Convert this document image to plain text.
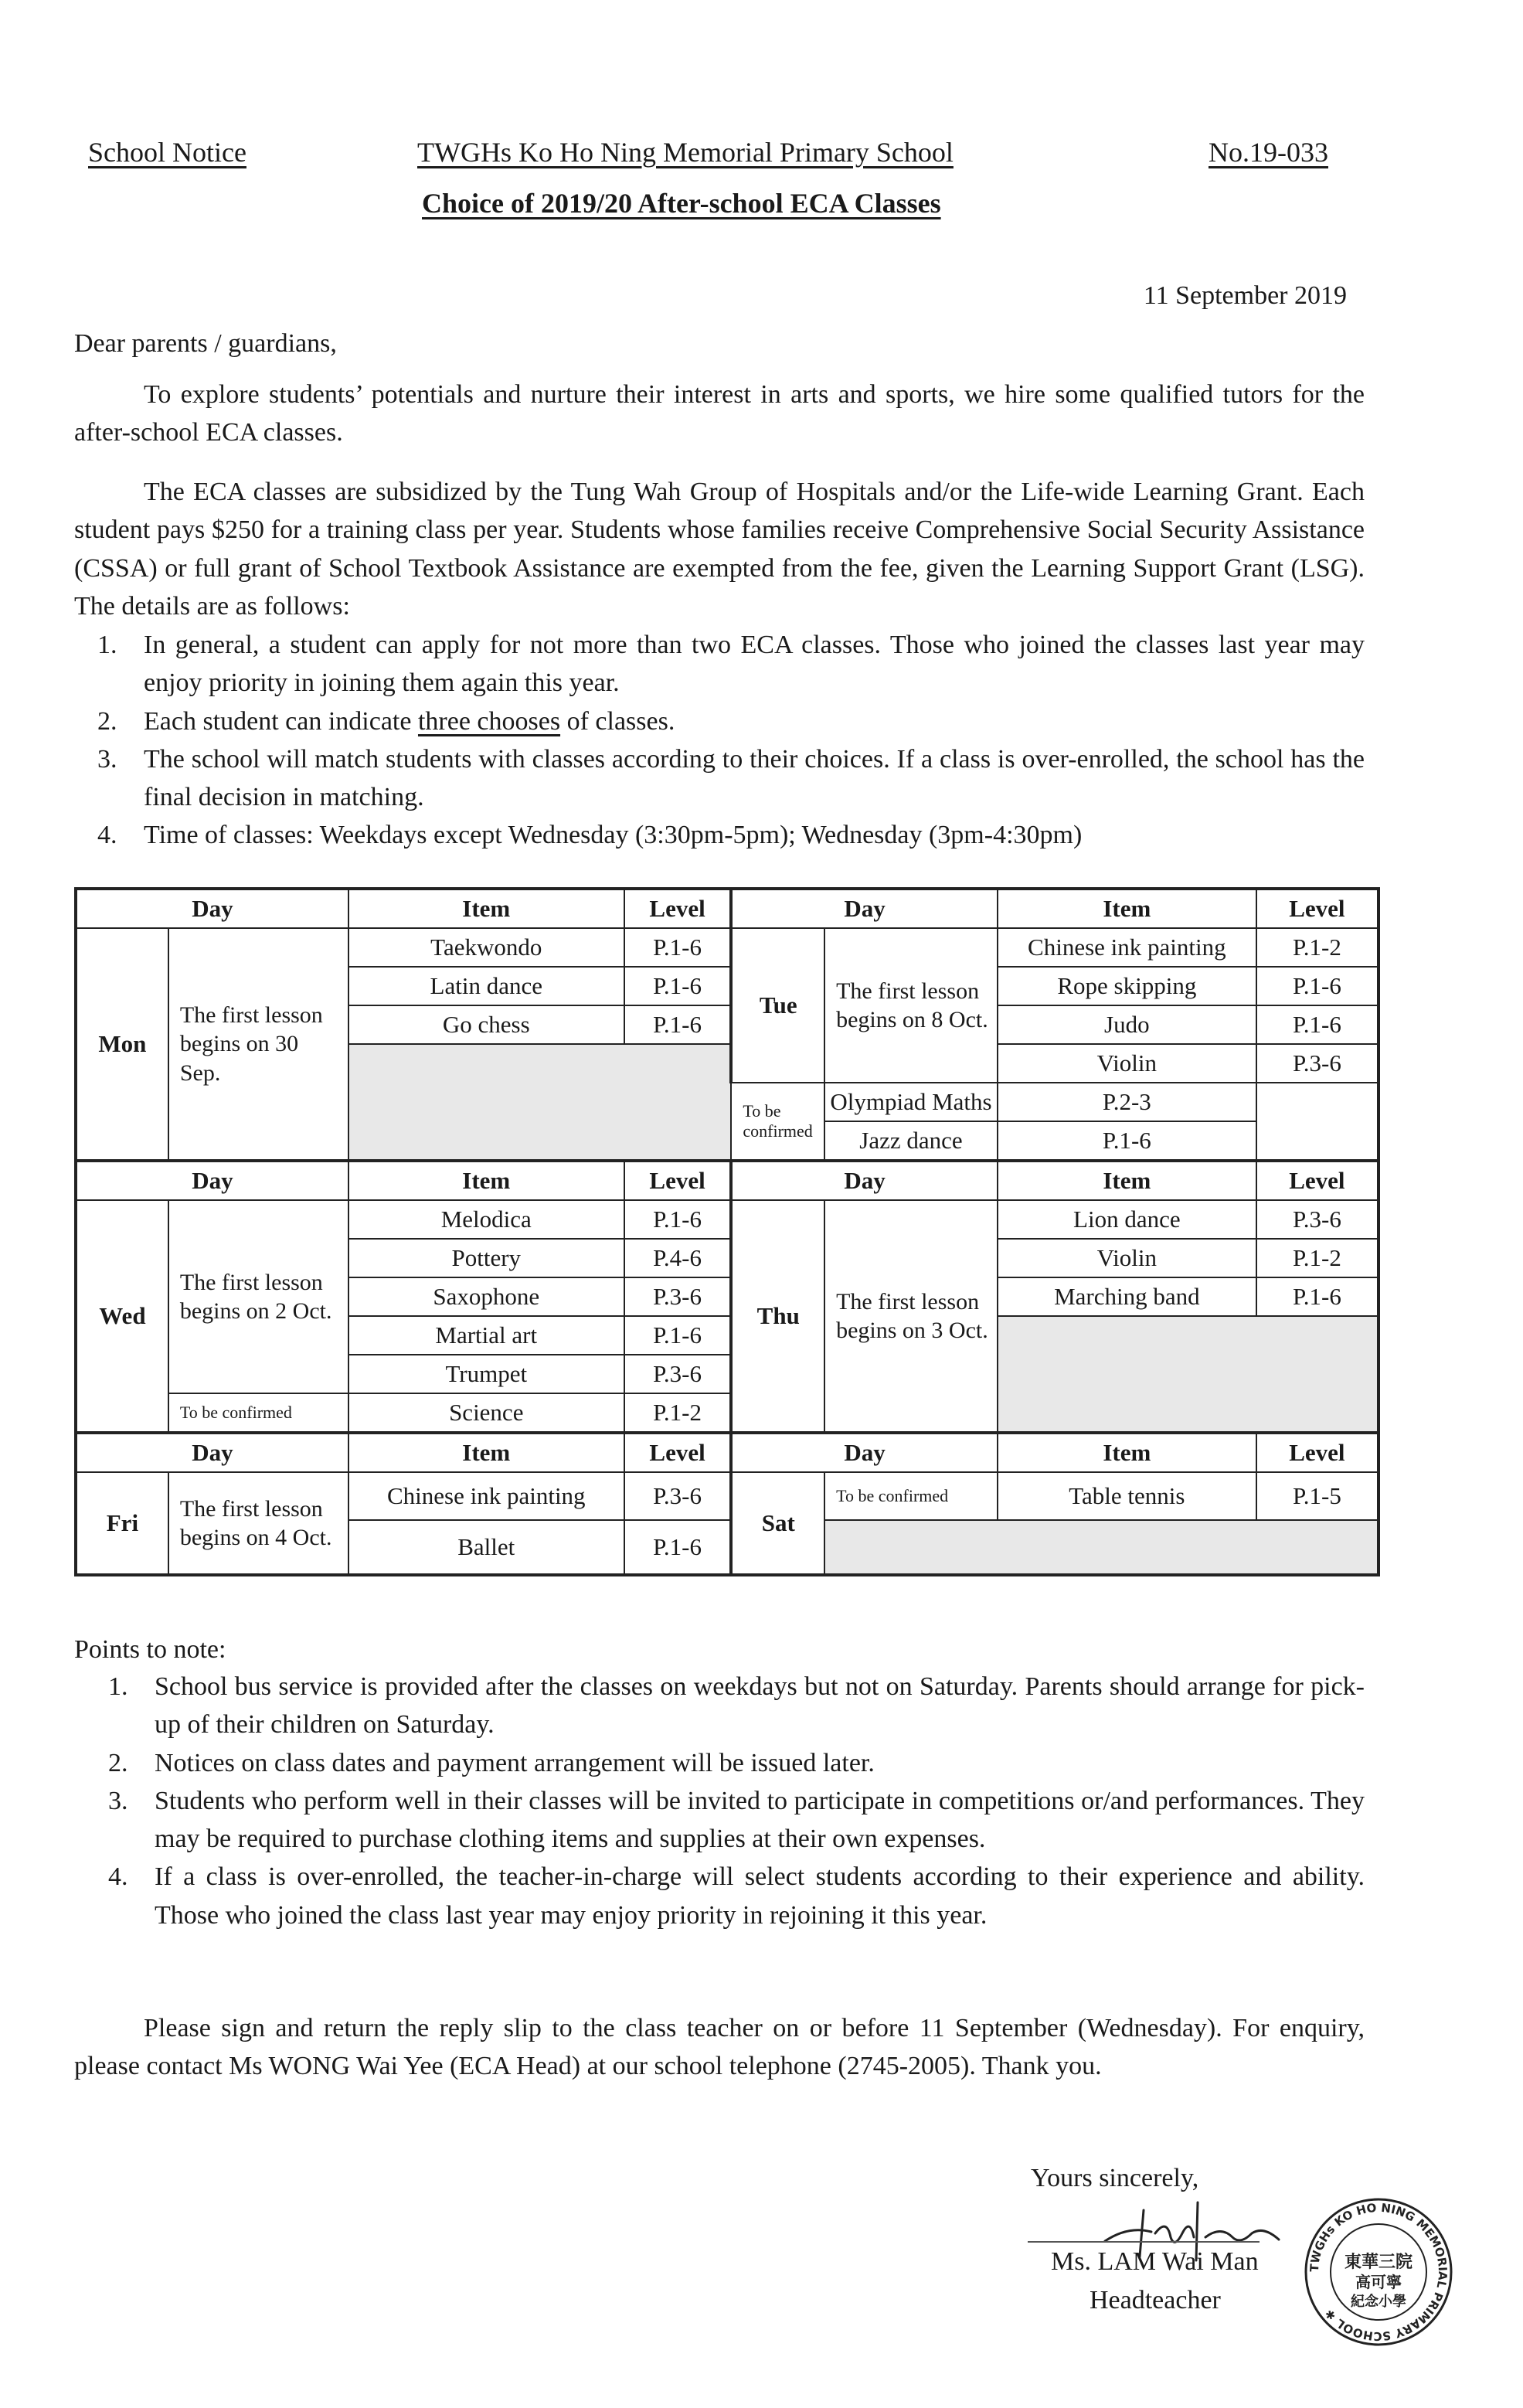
School Notice	TWGHs Ko Ho Ning Memorial Primary School	No.19-033
Choice of 2019/20 After-school ECA Classes
11 September 2019
Dear parents / guardians,
To explore students’ potentials and nurture their interest in arts and sports, we hire some qualified tutors for the after-school ECA classes.
The ECA classes are subsidized by the Tung Wah Group of Hospitals and/or the Life-wide Learning Grant. Each student pays $250 for a training class per year. Students whose families receive Comprehensive Social Security Assistance (CSSA) or full grant of School Textbook Assistance are exempted from the fee, given the Learning Support Grant (LSG). The details are as follows:
1. In general, a student can apply for not more than two ECA classes. Those who joined the classes last year may enjoy priority in joining them again this year.
2. Each student can indicate three chooses of classes.
3. The school will match students with classes according to their choices. If a class is over-enrolled, the school has the final decision in matching.
4. Time of classes: Weekdays except Wednesday (3:30pm-5pm); Wednesday (3pm-4:30pm)
Day		Item	Level	Day		Item	Level
Mon	The first lesson begins on 30 Sep.	Taekwondo	P.1-6	Tue	The first lesson begins on 8 Oct.	Chinese ink painting	P.1-2
		Latin dance	P.1-6			Rope skipping	P.1-6
		Go chess	P.1-6			Judo	P.1-6
						Violin	P.3-6
				To be confirmed	Olympiad Maths	P.2-3	
					Jazz dance	P.1-6	
Day		Item	Level	Day		Item	Level
Wed	The first lesson begins on 2 Oct.	Melodica	P.1-6	Thu	The first lesson begins on 3 Oct.	Lion dance	P.3-6
		Pottery	P.4-6			Violin	P.1-2
		Saxophone	P.3-6			Marching band	P.1-6
		Martial art	P.1-6				
		Trumpet	P.3-6				
	To be confirmed	Science	P.1-2				
Day		Item	Level	Day		Item	Level
Fri	The first lesson begins on 4 Oct.	Chinese ink painting	P.3-6	Sat	To be confirmed	Table tennis	P.1-5
		Ballet	P.1-6				
Points to note:
1. School bus service is provided after the classes on weekdays but not on Saturday. Parents should arrange for pick-up of their children on Saturday.
2. Notices on class dates and payment arrangement will be issued later.
3. Students who perform well in their classes will be invited to participate in competitions or/and performances. They may be required to purchase clothing items and supplies at their own expenses.
4. If a class is over-enrolled, the teacher-in-charge will select students according to their experience and ability. Those who joined the class last year may enjoy priority in rejoining it this year.
Please sign and return the reply slip to the class teacher on or before 11 September (Wednesday). For enquiry, please contact Ms WONG Wai Yee (ECA Head) at our school telephone (2745-2005). Thank you.
Yours sincerely,
Ms. LAM Wai Man
Headteacher
TWGHs KO HO NING MEMORIAL PRIMARY SCHOOL ✱
東華三院
高可寧
紀念小學
